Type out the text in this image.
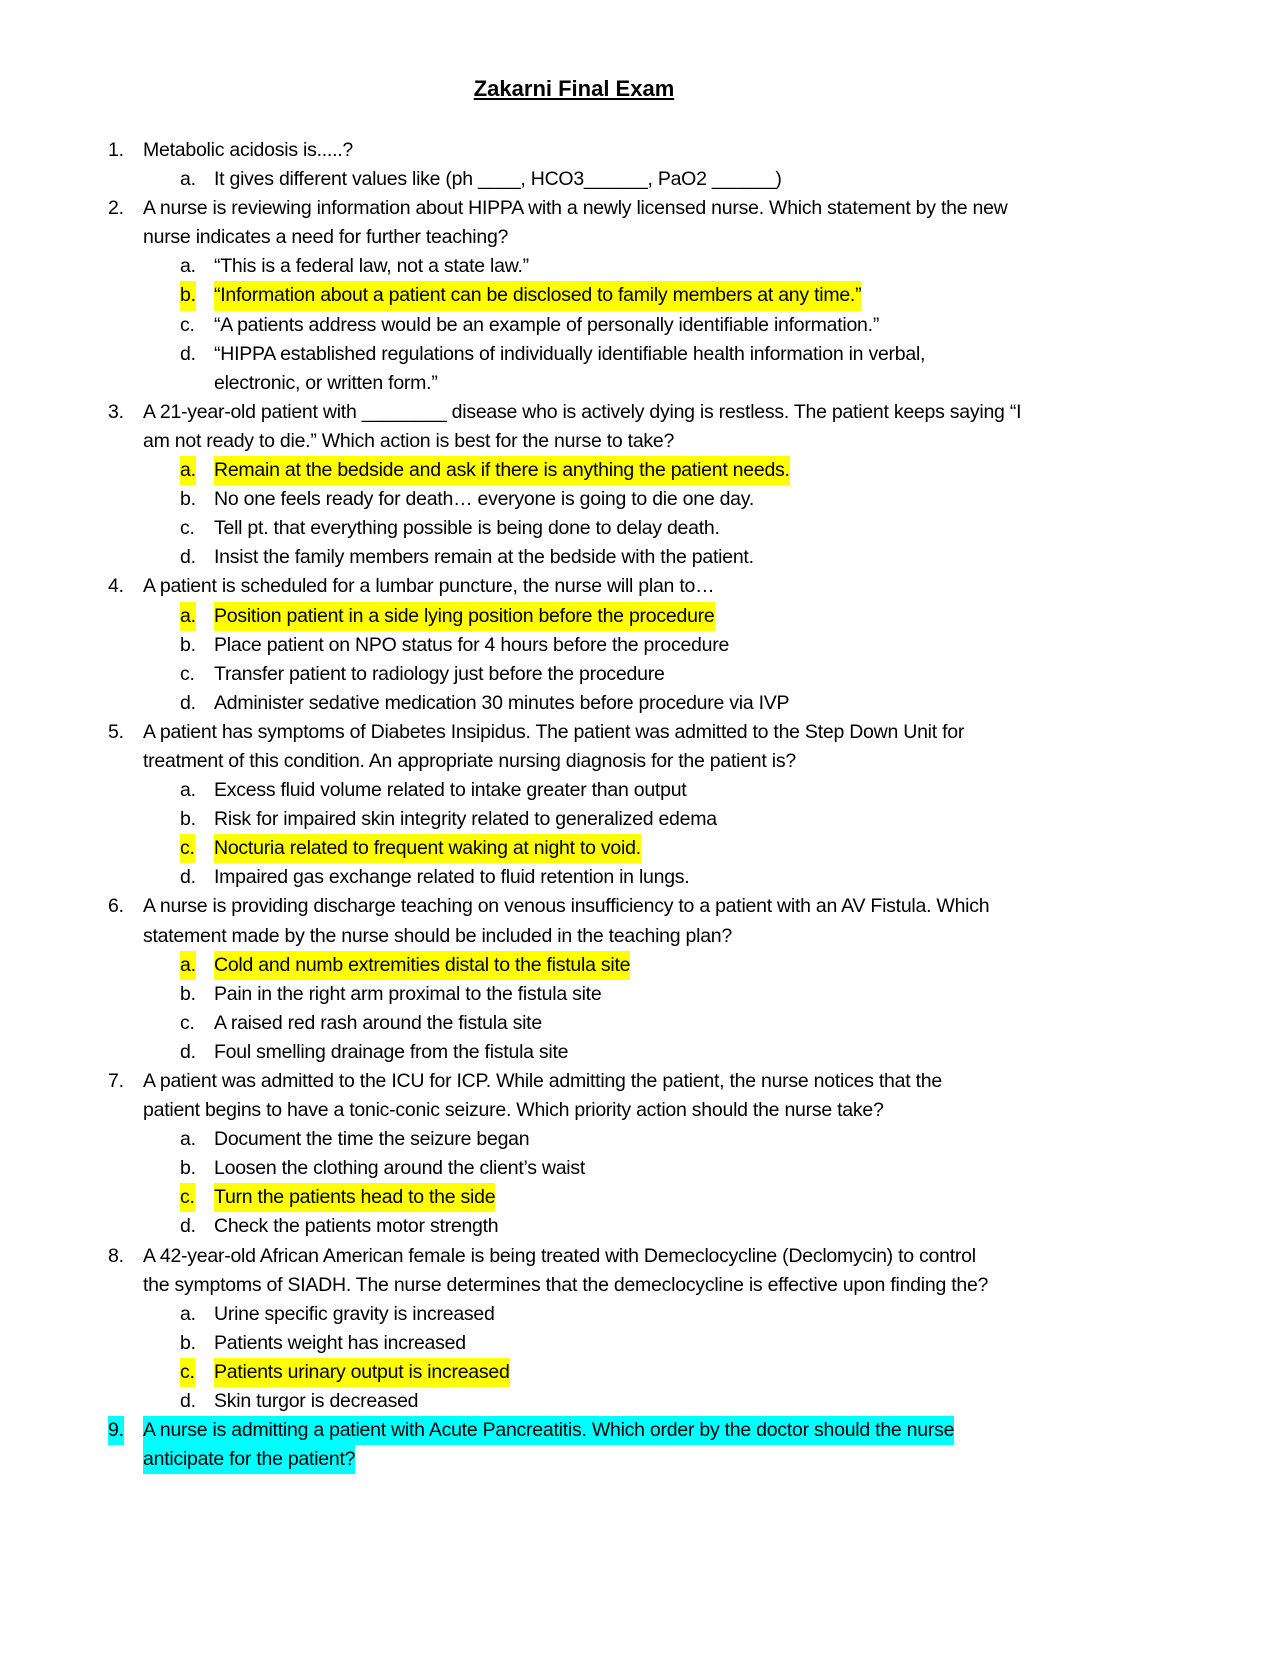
Zakarni Final Exam
1. Metabolic acidosis is.....?
a. It gives different values like (ph ____, HCO3______, PaO2 ______)
2. A nurse is reviewing information about HIPPA with a newly licensed nurse. Which statement by the new
nurse indicates a need for further teaching?
a. “This is a federal law, not a state law.”
b. “Information about a patient can be disclosed to family members at any time.”
c. “A patients address would be an example of personally identifiable information.”
d. “HIPPA established regulations of individually identifiable health information in verbal,
electronic, or written form.”
3. A 21-year-old patient with ________ disease who is actively dying is restless. The patient keeps saying “I
am not ready to die.” Which action is best for the nurse to take?
a. Remain at the bedside and ask if there is anything the patient needs.
b. No one feels ready for death… everyone is going to die one day.
c. Tell pt. that everything possible is being done to delay death.
d. Insist the family members remain at the bedside with the patient.
4. A patient is scheduled for a lumbar puncture, the nurse will plan to…
a. Position patient in a side lying position before the procedure
b. Place patient on NPO status for 4 hours before the procedure
c. Transfer patient to radiology just before the procedure
d. Administer sedative medication 30 minutes before procedure via IVP
5. A patient has symptoms of Diabetes Insipidus. The patient was admitted to the Step Down Unit for
treatment of this condition. An appropriate nursing diagnosis for the patient is?
a. Excess fluid volume related to intake greater than output
b. Risk for impaired skin integrity related to generalized edema
c. Nocturia related to frequent waking at night to void.
d. Impaired gas exchange related to fluid retention in lungs.
6. A nurse is providing discharge teaching on venous insufficiency to a patient with an AV Fistula. Which
statement made by the nurse should be included in the teaching plan?
a. Cold and numb extremities distal to the fistula site
b. Pain in the right arm proximal to the fistula site
c. A raised red rash around the fistula site
d. Foul smelling drainage from the fistula site
7. A patient was admitted to the ICU for ICP. While admitting the patient, the nurse notices that the
patient begins to have a tonic-conic seizure. Which priority action should the nurse take?
a. Document the time the seizure began
b. Loosen the clothing around the client’s waist
c. Turn the patients head to the side
d. Check the patients motor strength
8. A 42-year-old African American female is being treated with Demeclocycline (Declomycin) to control
the symptoms of SIADH. The nurse determines that the demeclocycline is effective upon finding the?
a. Urine specific gravity is increased
b. Patients weight has increased
c. Patients urinary output is increased
d. Skin turgor is decreased
9. A nurse is admitting a patient with Acute Pancreatitis. Which order by the doctor should the nurse
anticipate for the patient?
